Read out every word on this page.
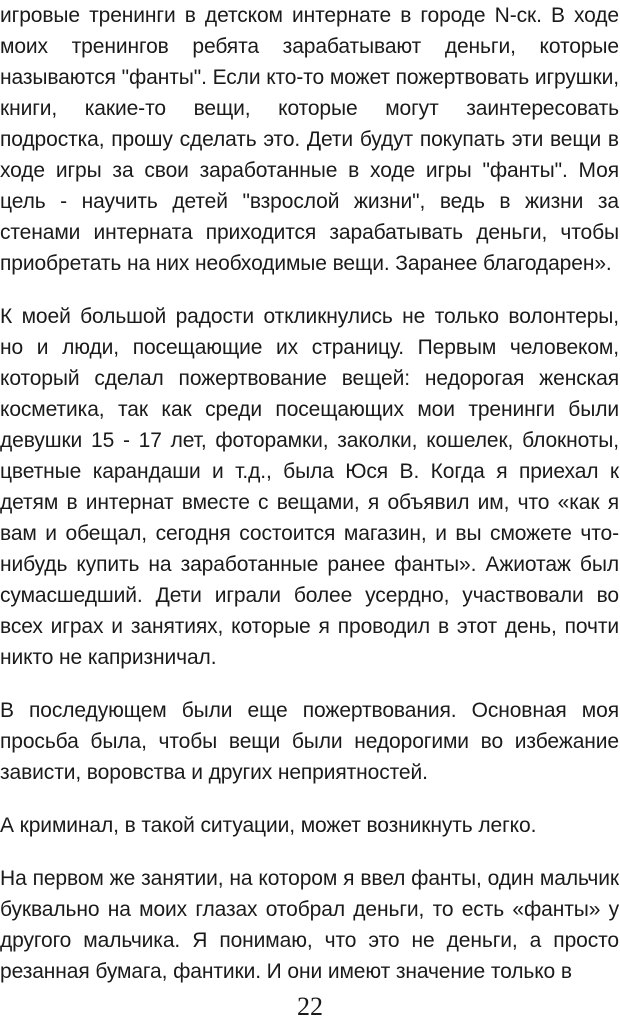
игровые тренинги в детском интернате в городе N-ск. В ходе моих тренингов ребята зарабатывают деньги, которые называются "фанты". Если кто-то может пожертвовать игрушки, книги, какие-то вещи, которые могут заинтересовать подростка, прошу сделать это. Дети будут покупать эти вещи в ходе игры за свои заработанные в ходе игры "фанты". Моя цель - научить детей "взрослой жизни", ведь в жизни за стенами интерната приходится зарабатывать деньги, чтобы приобретать на них необходимые вещи. Заранее благодарен».

К моей большой радости откликнулись не только волонтеры, но и люди, посещающие их страницу. Первым человеком, который сделал пожертвование вещей: недорогая женская косметика, так как среди посещающих мои тренинги были девушки 15 - 17 лет, фоторамки, заколки, кошелек, блокноты, цветные карандаши и т.д., была Юся В. Когда я приехал к детям в интернат вместе с вещами, я объявил им, что «как я вам и обещал, сегодня состоится магазин, и вы сможете что-нибудь купить на заработанные ранее фанты». Ажиотаж был сумасшедший. Дети играли более усердно, участвовали во всех играх и занятиях, которые я проводил в этот день, почти никто не капризничал.

В последующем были еще пожертвования. Основная моя просьба была, чтобы вещи были недорогими во избежание зависти, воровства и других неприятностей.

А криминал, в такой ситуации, может возникнуть легко.

На первом же занятии, на котором я ввел фанты, один мальчик буквально на моих глазах отобрал деньги, то есть «фанты» у другого мальчика. Я понимаю, что это не деньги, а просто резанная бумага, фантики. И они имеют значение только в

22
